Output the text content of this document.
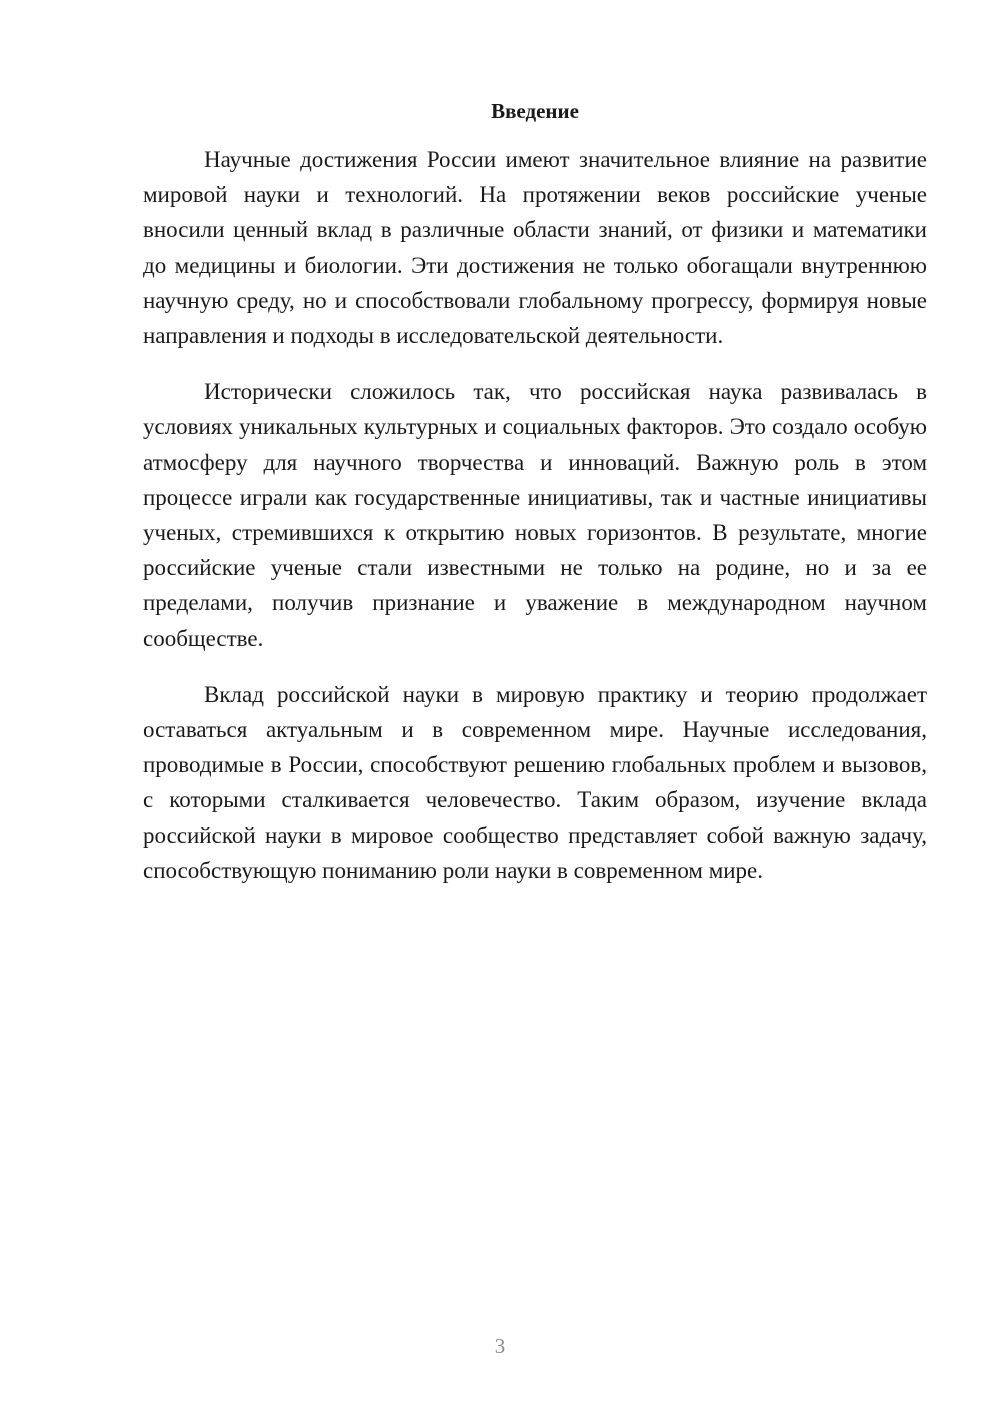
Введение

Научные достижения России имеют значительное влияние на развитие мировой науки и технологий. На протяжении веков российские ученые вносили ценный вклад в различные области знаний, от физики и математики до медицины и биологии. Эти достижения не только обогащали внутреннюю научную среду, но и способствовали глобальному прогрессу, формируя новые направления и подходы в исследовательской деятельности.

Исторически сложилось так, что российская наука развивалась в условиях уникальных культурных и социальных факторов. Это создало особую атмосферу для научного творчества и инноваций. Важную роль в этом процессе играли как государственные инициативы, так и частные инициативы ученых, стремившихся к открытию новых горизонтов. В результате, многие российские ученые стали известными не только на родине, но и за ее пределами, получив признание и уважение в международном научном сообществе.

Вклад российской науки в мировую практику и теорию продолжает оставаться актуальным и в современном мире. Научные исследования, проводимые в России, способствуют решению глобальных проблем и вызовов, с которыми сталкивается человечество. Таким образом, изучение вклада российской науки в мировое сообщество представляет собой важную задачу, способствующую пониманию роли науки в современном мире.

3
